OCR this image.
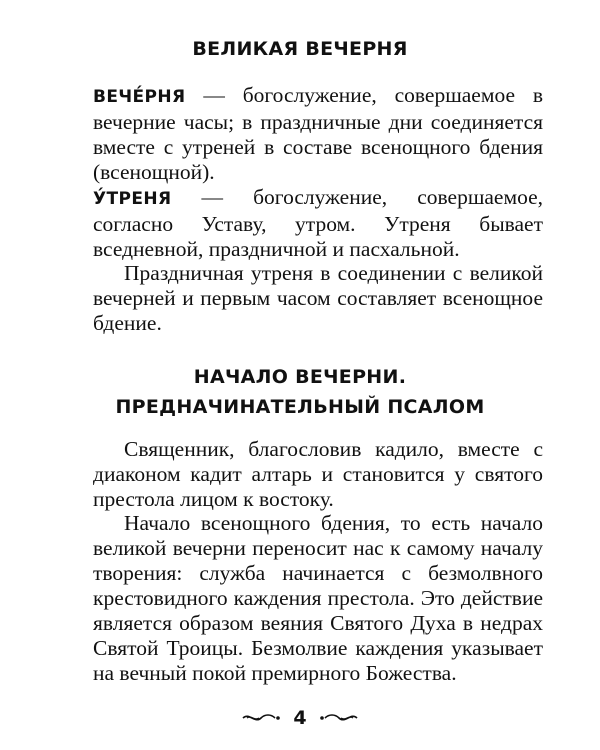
ВЕЛИКАЯ ВЕЧЕРНЯ

ВЕЧЕ́РНЯ — богослужение, совершаемое в вечерние часы; в праздничные дни соединяется вместе с утреней в составе всенощного бдения (всенощной).

У́ТРЕНЯ — богослужение, совершаемое, согласно Уставу, утром. Утреня бывает вседневной, праздничной и пасхальной.

Праздничная утреня в соединении с великой вечерней и первым часом составляет всенощное бдение.

НАЧАЛО ВЕЧЕРНИ.
ПРЕДНАЧИНАТЕЛЬНЫЙ ПСАЛОМ

Священник, благословив кадило, вместе с диаконом кадит алтарь и становится у святого престола лицом к востоку.

Начало всенощного бдения, то есть начало великой вечерни переносит нас к самому началу творения: служба начинается с безмолвного крестовидного каждения престола. Это действие является образом веяния Святого Духа в недрах Святой Троицы. Безмолвие каждения указывает на вечный покой премирного Божества.

4
